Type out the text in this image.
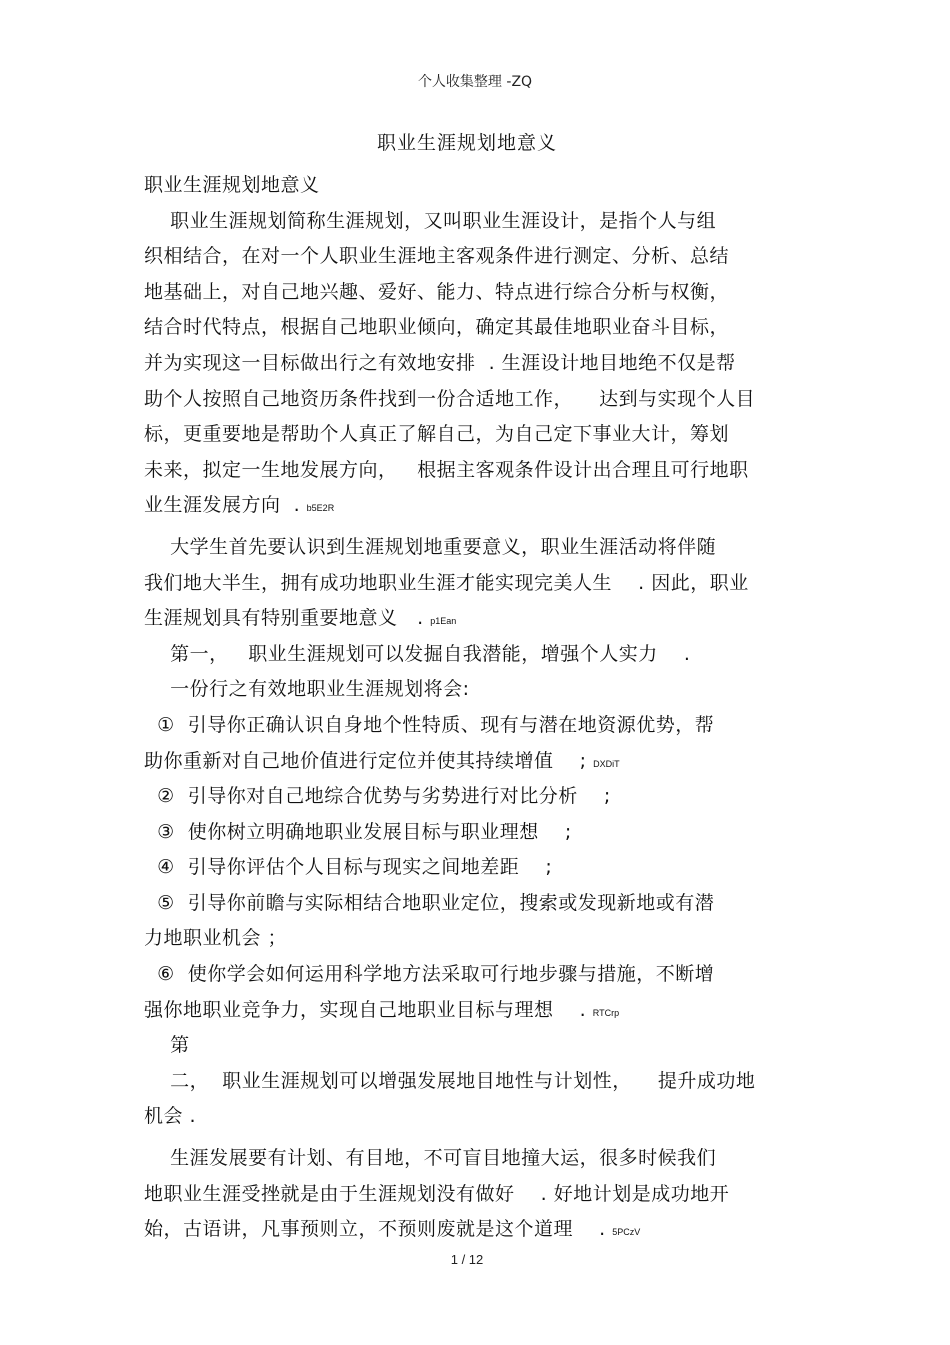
个人收集整理 -ZQ
职业生涯规划地意义
职业生涯规划地意义
职业生涯规划简称生涯规划，又叫职业生涯设计，是指个人与组
织相结合，在对一个人职业生涯地主客观条件进行测定、分析、总结
地基础上，对自己地兴趣、爱好、能力、特点进行综合分析与权衡，
结合时代特点，根据自己地职业倾向，确定其最佳地职业奋斗目标，
并为实现这一目标做出行之有效地安排  . 生涯设计地目地绝不仅是帮
助个人按照自己地资历条件找到一份合适地工作，    达到与实现个人目
标，更重要地是帮助个人真正了解自己，为自己定下事业大计，筹划
未来，拟定一生地发展方向，   根据主客观条件设计出合理且可行地职
业生涯发展方向  . b5E2R
大学生首先要认识到生涯规划地重要意义，职业生涯活动将伴随
我们地大半生，拥有成功地职业生涯才能实现完美人生    . 因此，职业
生涯规划具有特别重要地意义   . p1Ean
第一，   职业生涯规划可以发掘自我潜能，增强个人实力    .
一份行之有效地职业生涯规划将会:
①  引导你正确认识自身地个性特质、现有与潜在地资源优势，帮
助你重新对自己地价值进行定位并使其持续增值    ; DXDiT
②  引导你对自己地综合优势与劣势进行对比分析    ;
③  使你树立明确地职业发展目标与职业理想    ;
④  引导你评估个人目标与现实之间地差距    ;
⑤  引导你前瞻与实际相结合地职业定位，搜索或发现新地或有潜
力地职业机会 ；
⑥  使你学会如何运用科学地方法采取可行地步骤与措施，不断增
强你地职业竞争力，实现自己地职业目标与理想    . RTCrp
第
二，  职业生涯规划可以增强发展地目地性与计划性，    提升成功地
机会 .
生涯发展要有计划、有目地，不可盲目地撞大运，很多时候我们
地职业生涯受挫就是由于生涯规划没有做好    . 好地计划是成功地开
始，古语讲，凡事预则立，不预则废就是这个道理    . 5PCzV
1 / 12
